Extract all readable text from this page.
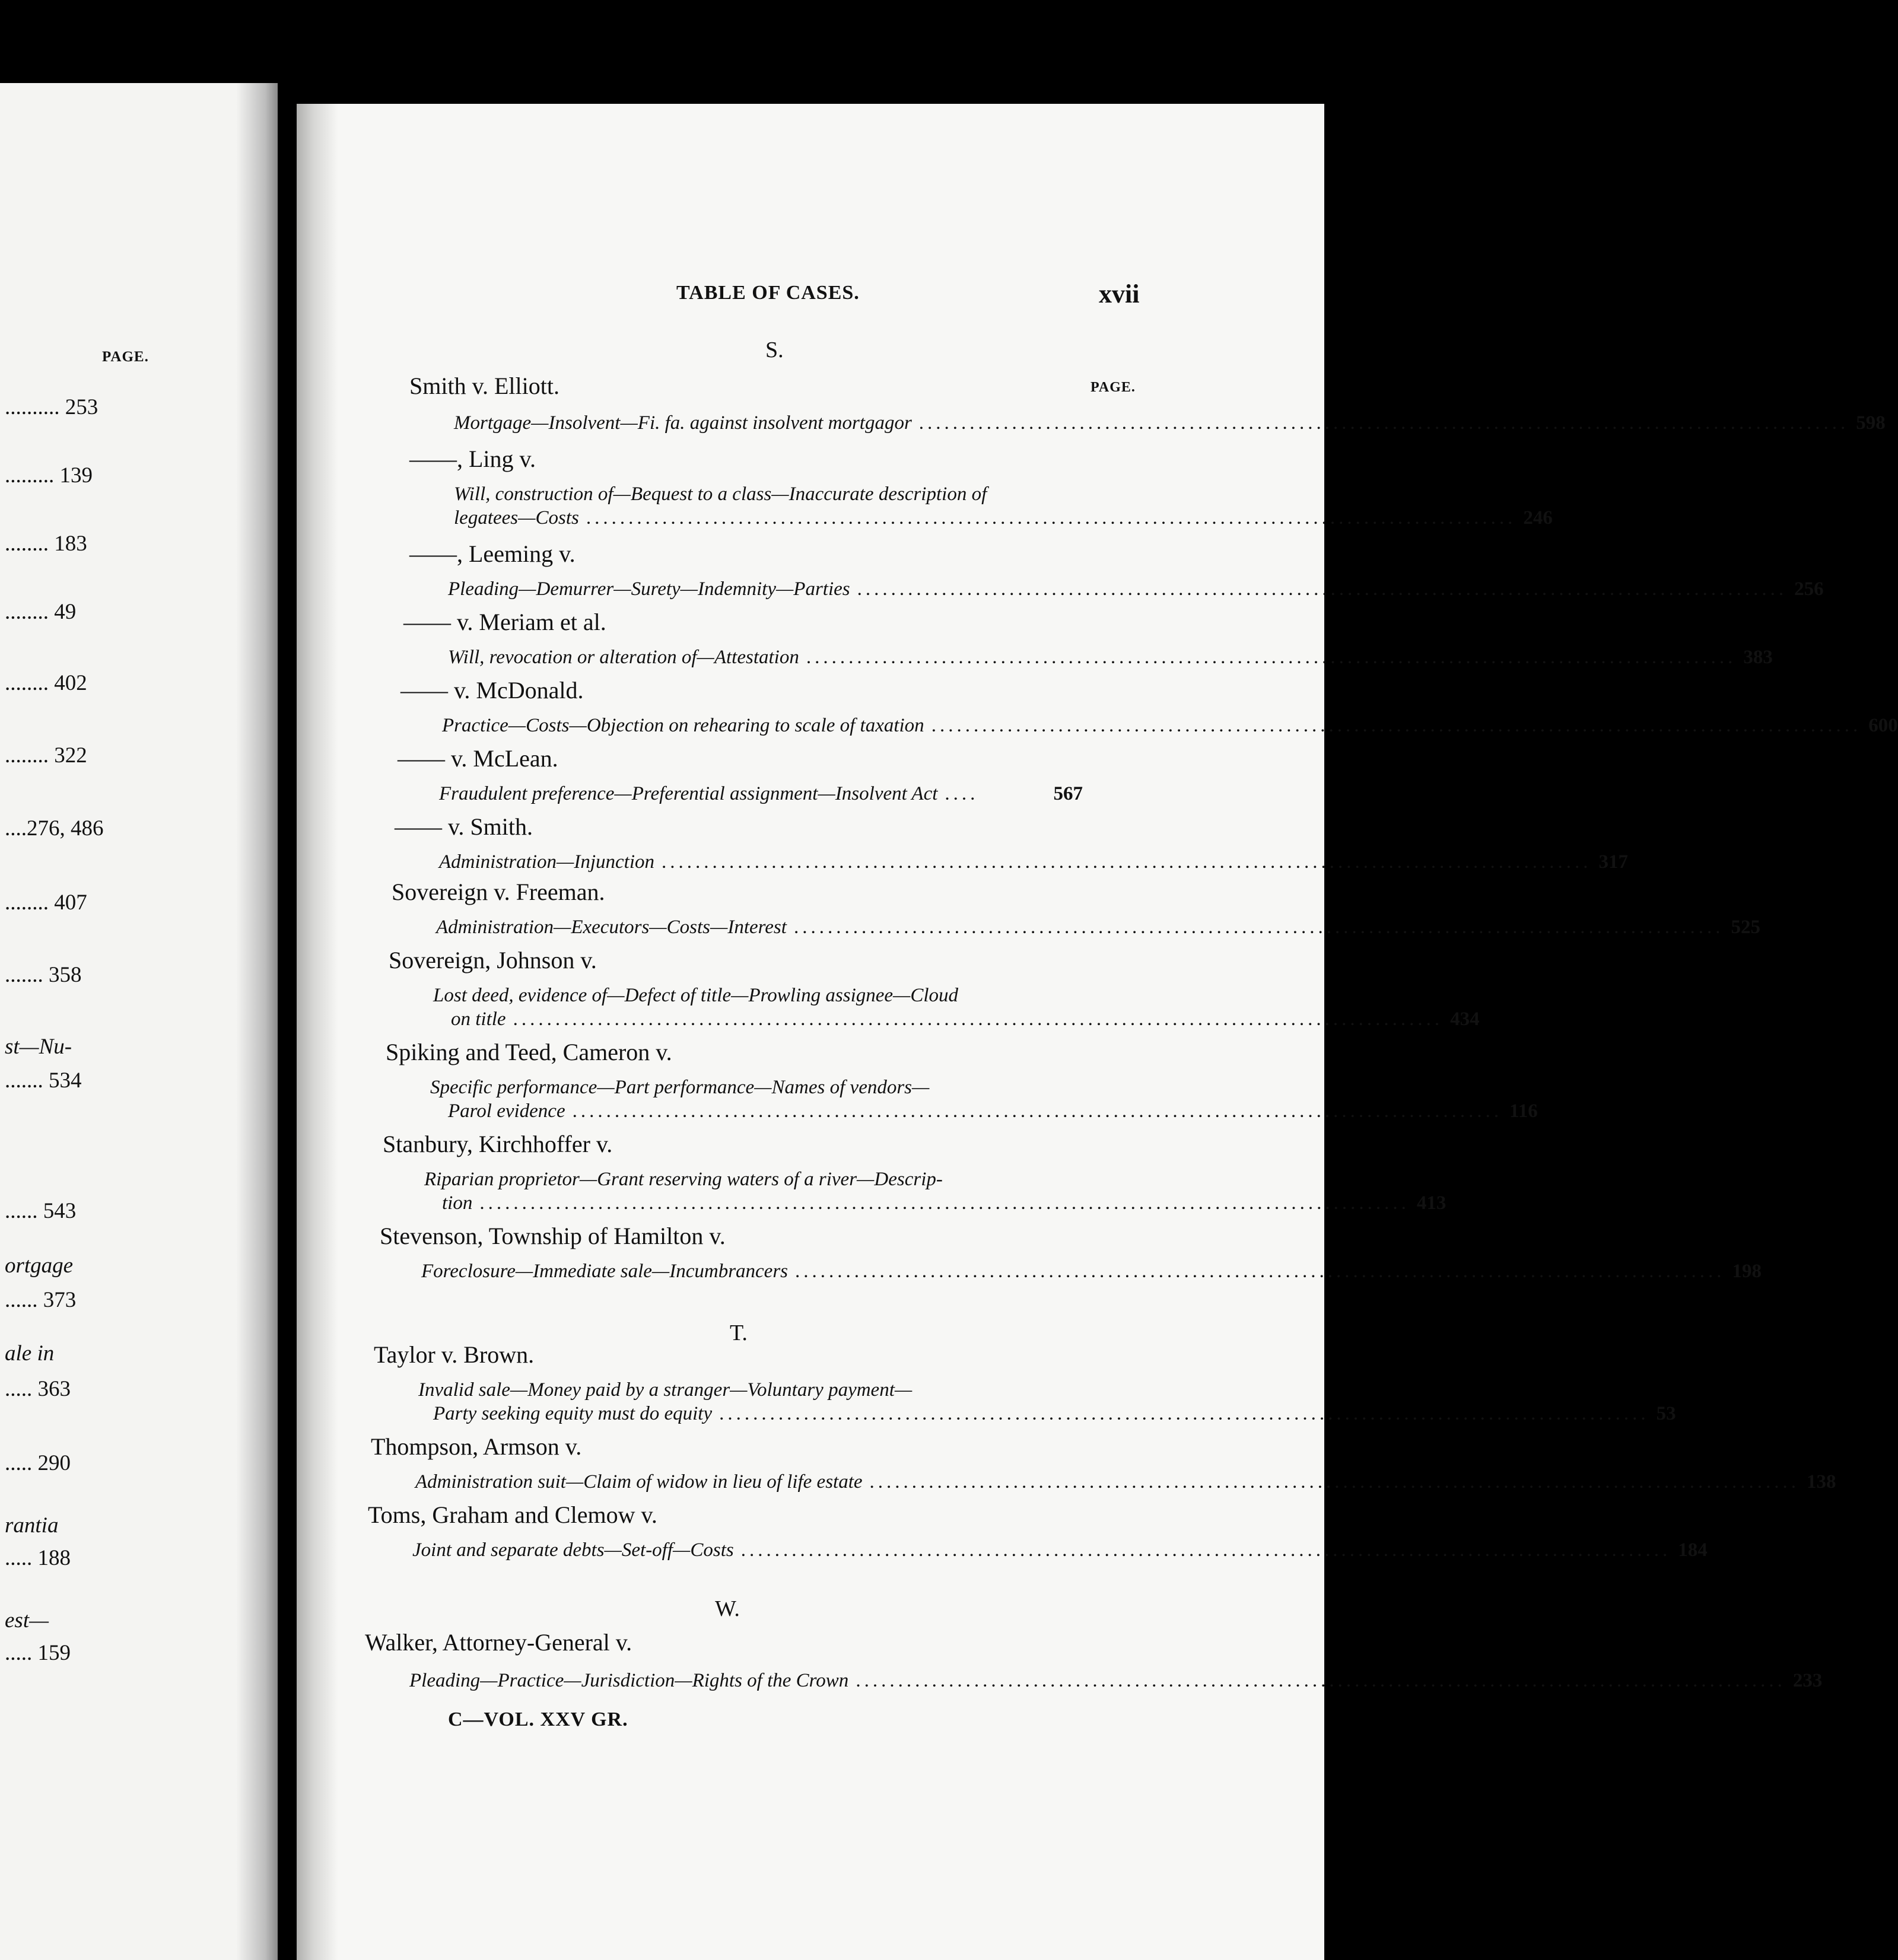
PAGE.
.......... 253
......... 139
........ 183
........ 49
........ 402
........ 322
....276, 486
........ 407
....... 358
st—Nu-
....... 534
...... 543
ortgage
...... 373
ale in
..... 363
..... 290
rantia
..... 188
est—
..... 159
TABLE OF CASES.	xvii
S.
PAGE.
Smith v. Elliott.
Mortgage—Insolvent—Fi. fa. against insolvent mortgagor .............................................................................................................. 598
——, Ling v.
Will, construction of—Bequest to a class—Inaccurate description of
legatees—Costs .............................................................................................................. 246
——, Leeming v.
Pleading—Demurrer—Surety—Indemnity—Parties .............................................................................................................. 256
—— v. Meriam et al.
Will, revocation or alteration of—Attestation .............................................................................................................. 383
—— v. McDonald.
Practice—Costs—Objection on rehearing to scale of taxation .............................................................................................................. 600
—— v. McLean.
Fraudulent preference—Preferential assignment—Insolvent Act ....	567
—— v. Smith.
Administration—Injunction .............................................................................................................. 317
Sovereign v. Freeman.
Administration—Executors—Costs—Interest .............................................................................................................. 525
Sovereign, Johnson v.
Lost deed, evidence of—Defect of title—Prowling assignee—Cloud
on title .............................................................................................................. 434
Spiking and Teed, Cameron v.
Specific performance—Part performance—Names of vendors—
Parol evidence .............................................................................................................. 116
Stanbury, Kirchhoffer v.
Riparian proprietor—Grant reserving waters of a river—Descrip-
tion .............................................................................................................. 413
Stevenson, Township of Hamilton v.
Foreclosure—Immediate sale—Incumbrancers .............................................................................................................. 198
T.
Taylor v. Brown.
Invalid sale—Money paid by a stranger—Voluntary payment—
Party seeking equity must do equity .............................................................................................................. 53
Thompson, Armson v.
Administration suit—Claim of widow in lieu of life estate .............................................................................................................. 138
Toms, Graham and Clemow v.
Joint and separate debts—Set-off—Costs .............................................................................................................. 184
W.
Walker, Attorney-General v.
Pleading—Practice—Jurisdiction—Rights of the Crown .............................................................................................................. 233
C—VOL. XXV GR.
